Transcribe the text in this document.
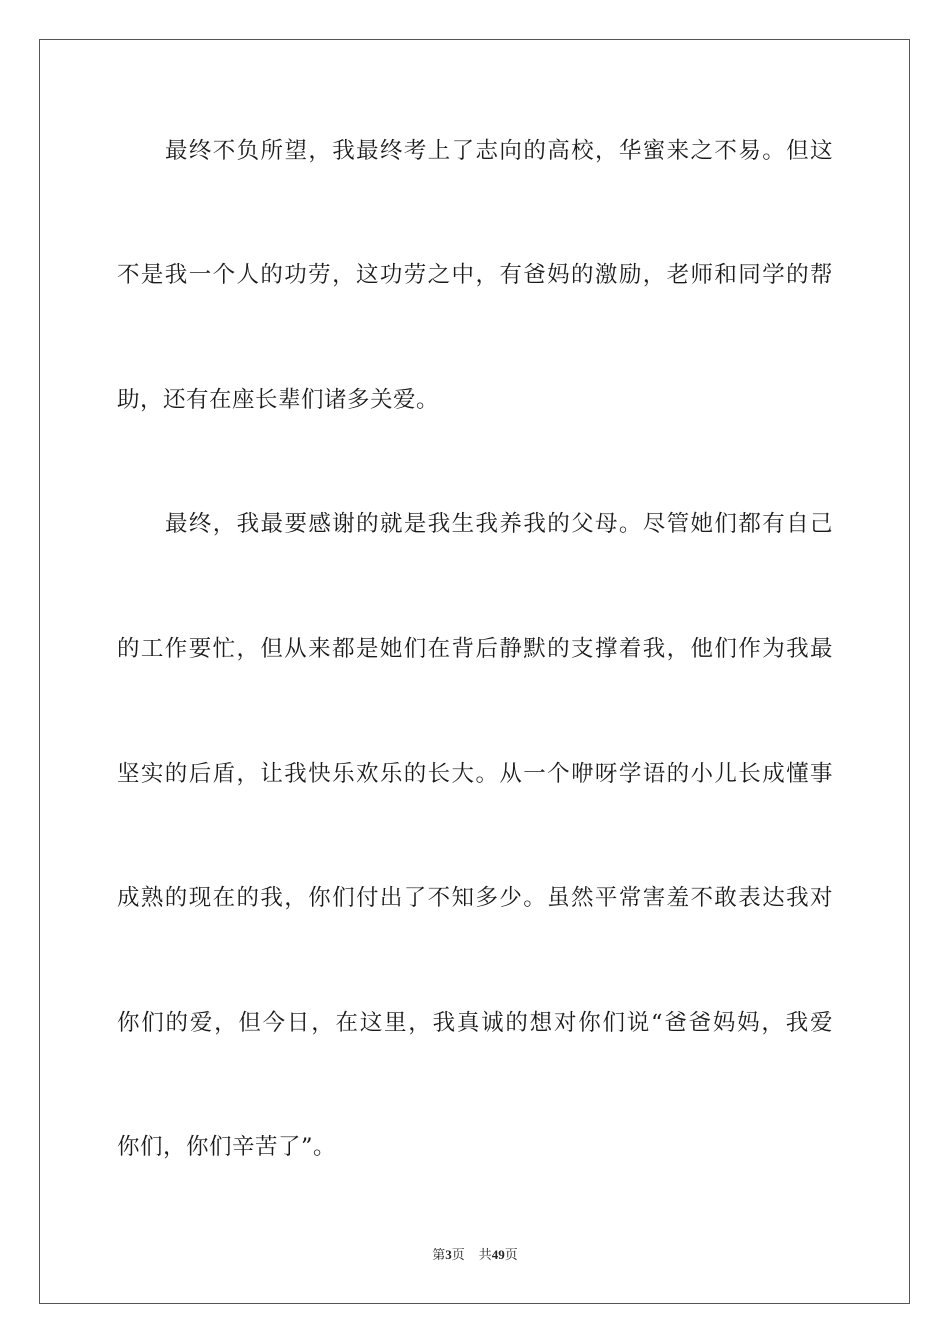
最终不负所望，我最终考上了志向的高校，华蜜来之不易。但这
不是我一个人的功劳，这功劳之中，有爸妈的激励，老师和同学的帮
助，还有在座长辈们诸多关爱。
最终，我最要感谢的就是我生我养我的父母。尽管她们都有自己
的工作要忙，但从来都是她们在背后静默的支撑着我，他们作为我最
坚实的后盾，让我快乐欢乐的长大。从一个咿呀学语的小儿长成懂事
成熟的现在的我，你们付出了不知多少。虽然平常害羞不敢表达我对
你们的爱，但今日，在这里，我真诚的想对你们说“爸爸妈妈，我爱
你们，你们辛苦了”。
第3页 共49页
